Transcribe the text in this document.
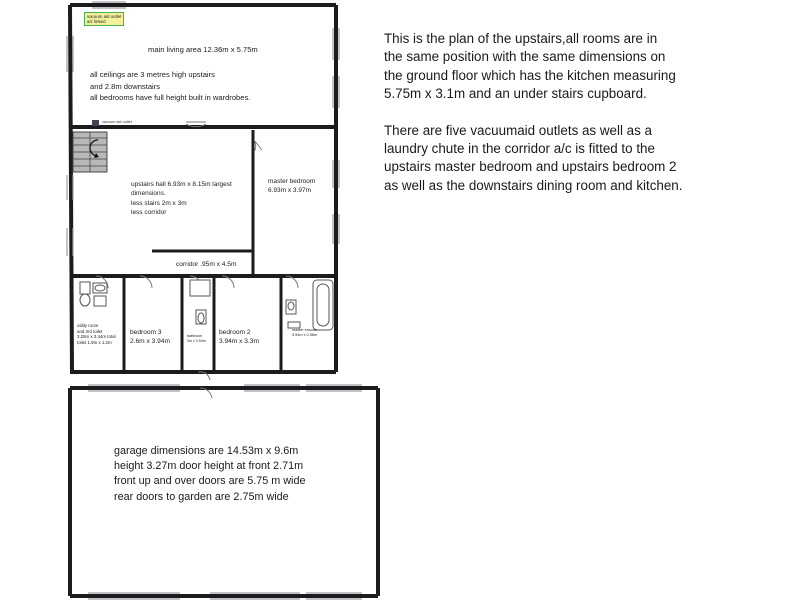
vacuum aid outlet
a/c linked
main living area 12.36m x 5.75m
all ceilings are 3 metres high upstairs
and 2.8m downstairs
all bedrooms have full height built in wardrobes.
vacuum aid outlet
upstairs hall 6.93m x 8.15m largest
dimensions.
less stairs 2m x 3m
less corridor
master bedroom
6.93m x 3.97m
corridor .95m x 4.5m
utility room
and 3rd toilet
3.25m x 3.44m total
toilet 1.9m x 1.2m
bedroom 3
2.6m x 3.94m
bathroom
2m x 3.94m
bedroom 2
3.94m x 3.3m
master ensuite
3.94m x 2.58m
garage dimensions are 14.53m x 9.6m
height 3.27m door height at front 2.71m
front up and over doors are 5.75 m wide
rear doors to garden are 2.75m wide

This is the plan of the upstairs,all rooms are in
the same position with the same dimensions on
the ground floor which has the kitchen measuring
5.75m x 3.1m and an under stairs cupboard.

There are five vacuumaid outlets as well as a
laundry chute in the corridor a/c is fitted to the
upstairs master bedroom and upstairs bedroom 2
as well as the downstairs dining room and kitchen.
